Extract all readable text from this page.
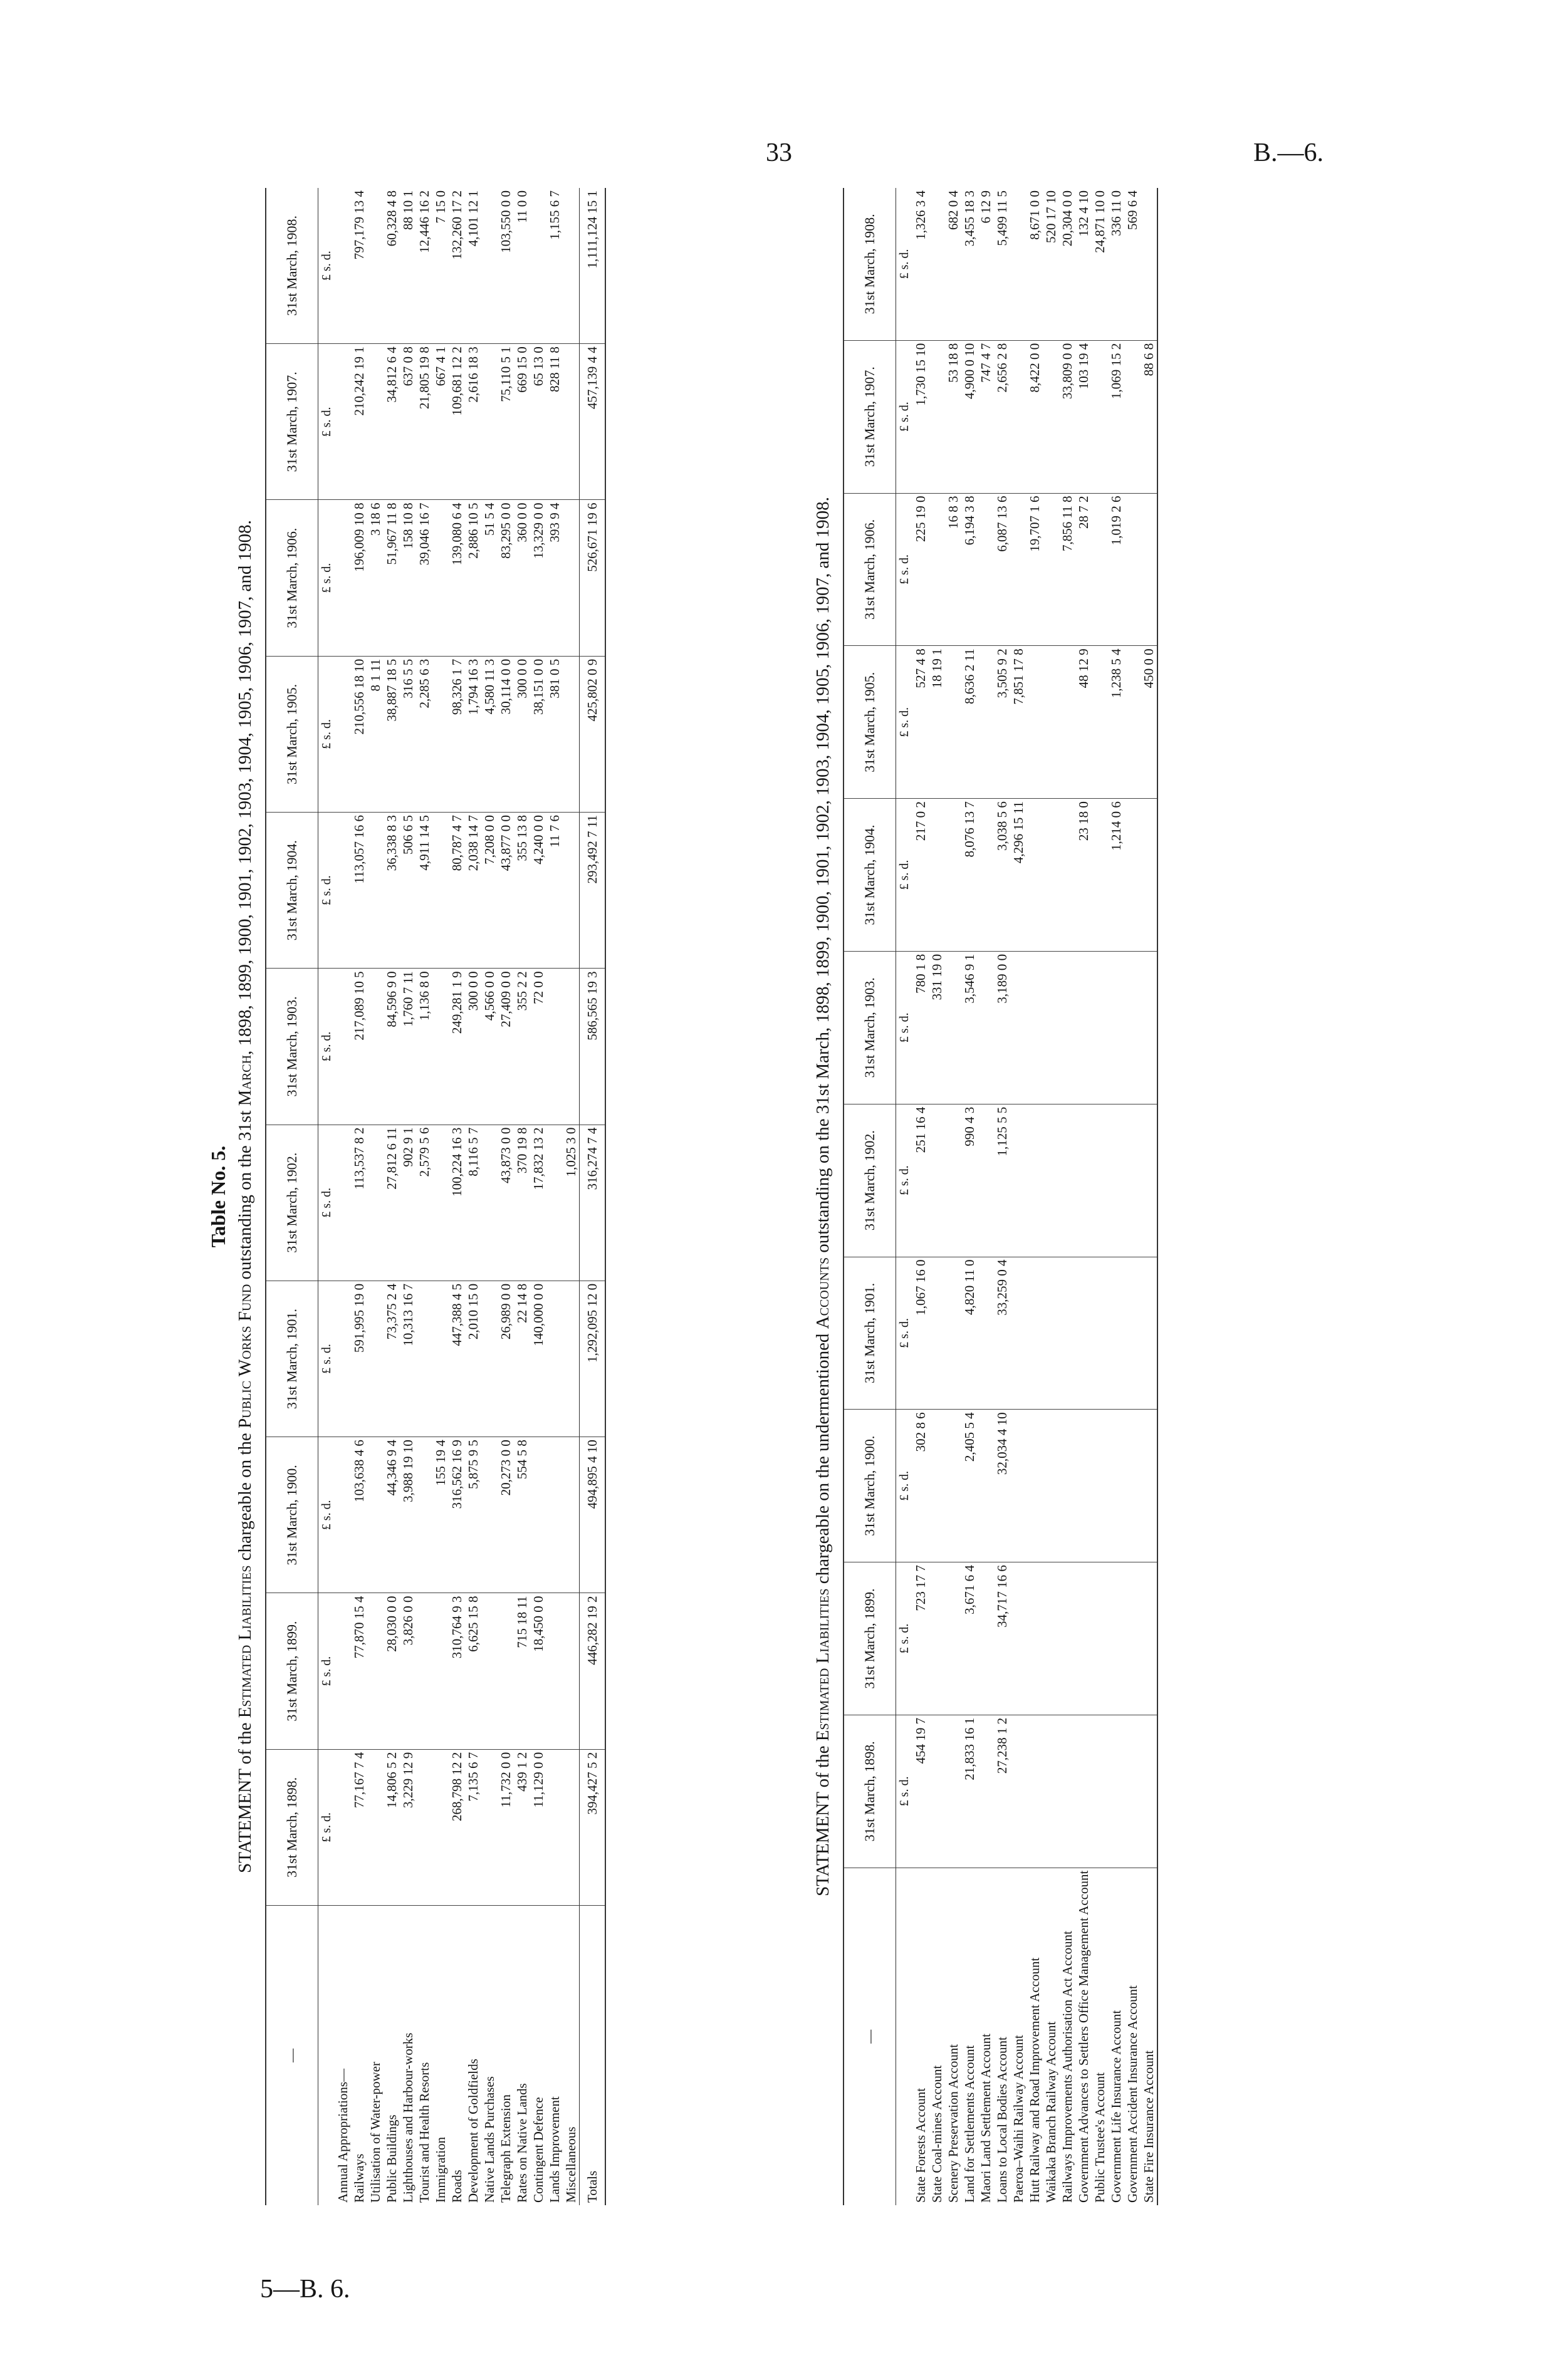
33	B.—6.
5—B. 6.
Table No. 5.
STATEMENT of the Estimated Liabilities chargeable on the Public Works Fund outstanding on the 31st March, 1898, 1899, 1900, 1901, 1902, 1903, 1904, 1905, 1906, 1907, and 1908.
—	31st March, 1898.	31st March, 1899.	31st March, 1900.	31st March, 1901.	31st March, 1902.	31st March, 1903.	31st March, 1904.	31st March, 1905.	31st March, 1906.	31st March, 1907.	31st March, 1908.
	£ s. d.	£ s. d.	£ s. d.	£ s. d.	£ s. d.	£ s. d.	£ s. d.	£ s. d.	£ s. d.	£ s. d.	£ s. d.
Annual Appropriations—											
Railways	77,167 7 4	77,870 15 4	103,638 4 6	591,995 19 0	113,537 8 2	217,089 10 5	113,057 16 6	210,556 18 10	196,009 10 8	210,242 19 1	797,179 13 4
Utilisation of Water-power								8 1 11	3 18 6		
Public Buildings	14,806 5 2	28,030 0 0	44,346 9 4	73,375 2 4	27,812 6 11	84,596 9 0	36,338 8 3	38,887 18 5	51,967 11 8	34,812 6 4	60,328 4 8
Lighthouses and Harbour-works	3,229 12 9	3,826 0 0	3,988 19 10	10,313 16 7	902 9 1	1,760 7 11	506 6 5	316 5 5	158 10 8	637 0 8	88 10 1
Tourist and Health Resorts					2,579 5 6	1,136 8 0	4,911 14 5	2,285 6 3	39,046 16 7	21,805 19 8	12,446 16 2
Immigration			155 19 4							667 4 1	7 15 0
Roads	268,798 12 2	310,764 9 3	316,562 16 9	447,388 4 5	100,224 16 3	249,281 1 9	80,787 4 7	98,326 1 7	139,080 6 4	109,681 12 2	132,260 17 2
Development of Goldfields	7,135 6 7	6,625 15 8	5,875 9 5	2,010 15 0	8,116 5 7	300 0 0	2,038 14 7	1,794 16 3	2,886 10 5	2,616 18 3	4,101 12 1
Native Lands Purchases						4,566 0 0	7,208 0 0	4,580 11 3	51 5 4		
Telegraph Extension	11,732 0 0		20,273 0 0	26,989 0 0	43,873 0 0	27,409 0 0	43,877 0 0	30,114 0 0	83,295 0 0	75,110 5 1	103,550 0 0
Rates on Native Lands	439 1 2	715 18 11	554 5 8	22 14 8	370 19 8	355 2 2	355 13 8	300 0 0	360 0 0	669 15 0	11 0 0
Contingent Defence	11,129 0 0	18,450 0 0		140,000 0 0	17,832 13 2	72 0 0	4,240 0 0	38,151 0 0	13,329 0 0	65 13 0	
Lands Improvement							11 7 6	381 0 5	393 9 4	828 11 8	1,155 6 7
Miscellaneous					1,025 3 0						
Totals	394,427 5 2	446,282 19 2	494,895 4 10	1,292,095 12 0	316,274 7 4	586,565 19 3	293,492 7 11	425,802 0 9	526,671 19 6	457,139 4 4	1,111,124 15 1
STATEMENT of the Estimated Liabilities chargeable on the undermentioned Accounts outstanding on the 31st March, 1898, 1899, 1900, 1901, 1902, 1903, 1904, 1905, 1906, 1907, and 1908.
—	31st March, 1898.	31st March, 1899.	31st March, 1900.	31st March, 1901.	31st March, 1902.	31st March, 1903.	31st March, 1904.	31st March, 1905.	31st March, 1906.	31st March, 1907.	31st March, 1908.
	£ s. d.	£ s. d.	£ s. d.	£ s. d.	£ s. d.	£ s. d.	£ s. d.	£ s. d.	£ s. d.	£ s. d.	£ s. d.
State Forests Account	454 19 7	723 17 7	302 8 6	1,067 16 0	251 16 4	780 1 8	217 0 2	527 4 8	225 19 0	1,730 15 10	1,326 3 4
State Coal-mines Account						331 19 0		18 19 1			
Scenery Preservation Account									16 8 3	53 18 8	682 0 4
Land for Settlements Account	21,833 16 1	3,671 6 4	2,405 5 4	4,820 11 0	990 4 3	3,546 9 1	8,076 13 7	8,636 2 11	6,194 3 8	4,900 0 10	3,455 18 3
Maori Land Settlement Account										747 4 7	6 12 9
Loans to Local Bodies Account	27,238 1 2	34,717 16 6	32,034 4 10	33,259 0 4	1,125 5 5	3,189 0 0	3,038 5 6	3,505 9 2	6,087 13 6	2,656 2 8	5,499 11 5
Paeroa–Waihi Railway Account							4,296 15 11	7,851 17 8			
Hutt Railway and Road Improvement Account									19,707 1 6	8,422 0 0	8,671 0 0
Waikaka Branch Railway Account											520 17 10
Railways Improvements Authorisation Act Account									7,856 11 8	33,809 0 0	20,304 0 0
Government Advances to Settlers Office Management Account							23 18 0	48 12 9	28 7 2	103 19 4	132 4 10
Public Trustee's Account											24,871 10 0
Government Life Insurance Account							1,214 0 6	1,238 5 4	1,019 2 6	1,069 15 2	336 11 0
Government Accident Insurance Account											569 6 4
State Fire Insurance Account								450 0 0		88 6 8	
